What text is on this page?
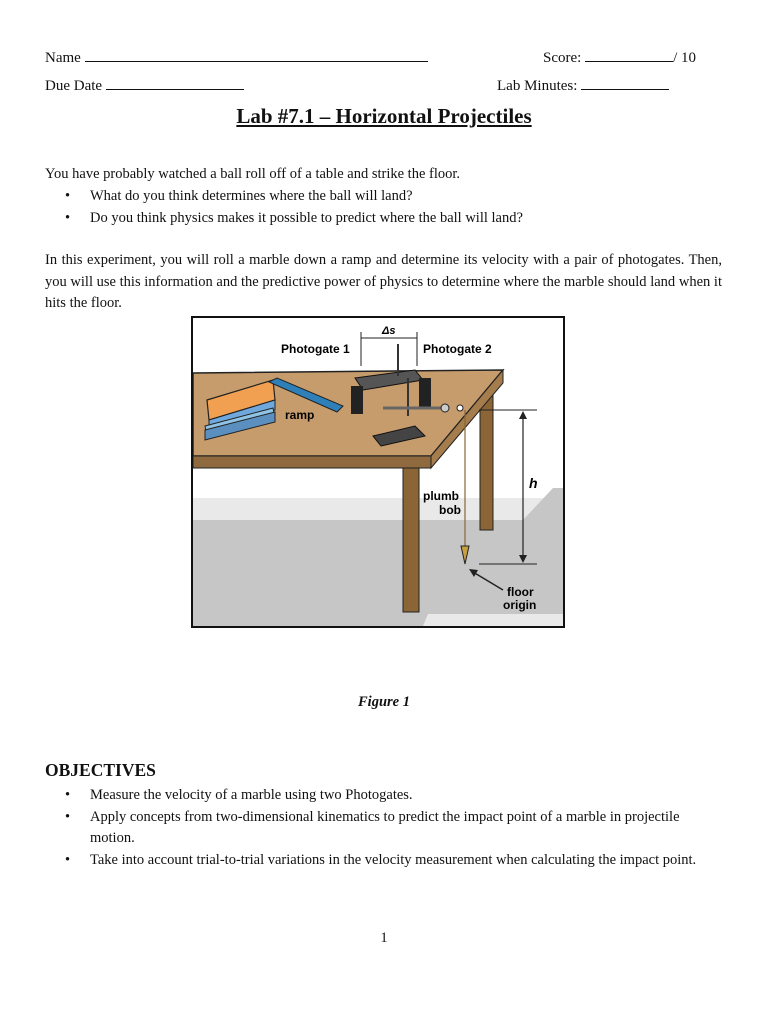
Name	Score:	/ 10
Due Date	Lab Minutes:
Lab #7.1 – Horizontal Projectiles
You have probably watched a ball roll off of a table and strike the floor.
• What do you think determines where the ball will land?
• Do you think physics makes it possible to predict where the ball will land?
In this experiment, you will roll a marble down a ramp and determine its velocity with a pair of photogates. Then, you will use this information and the predictive power of physics to determine where the marble should land when it hits the floor.
Photogate 1	Photogate 2
Δs
ramp
plumb
bob
h
floor
origin
Figure 1
OBJECTIVES
• Measure the velocity of a marble using two Photogates.
• Apply concepts from two-dimensional kinematics to predict the impact point of a marble in projectile motion.
• Take into account trial-to-trial variations in the velocity measurement when calculating the impact point.
1
